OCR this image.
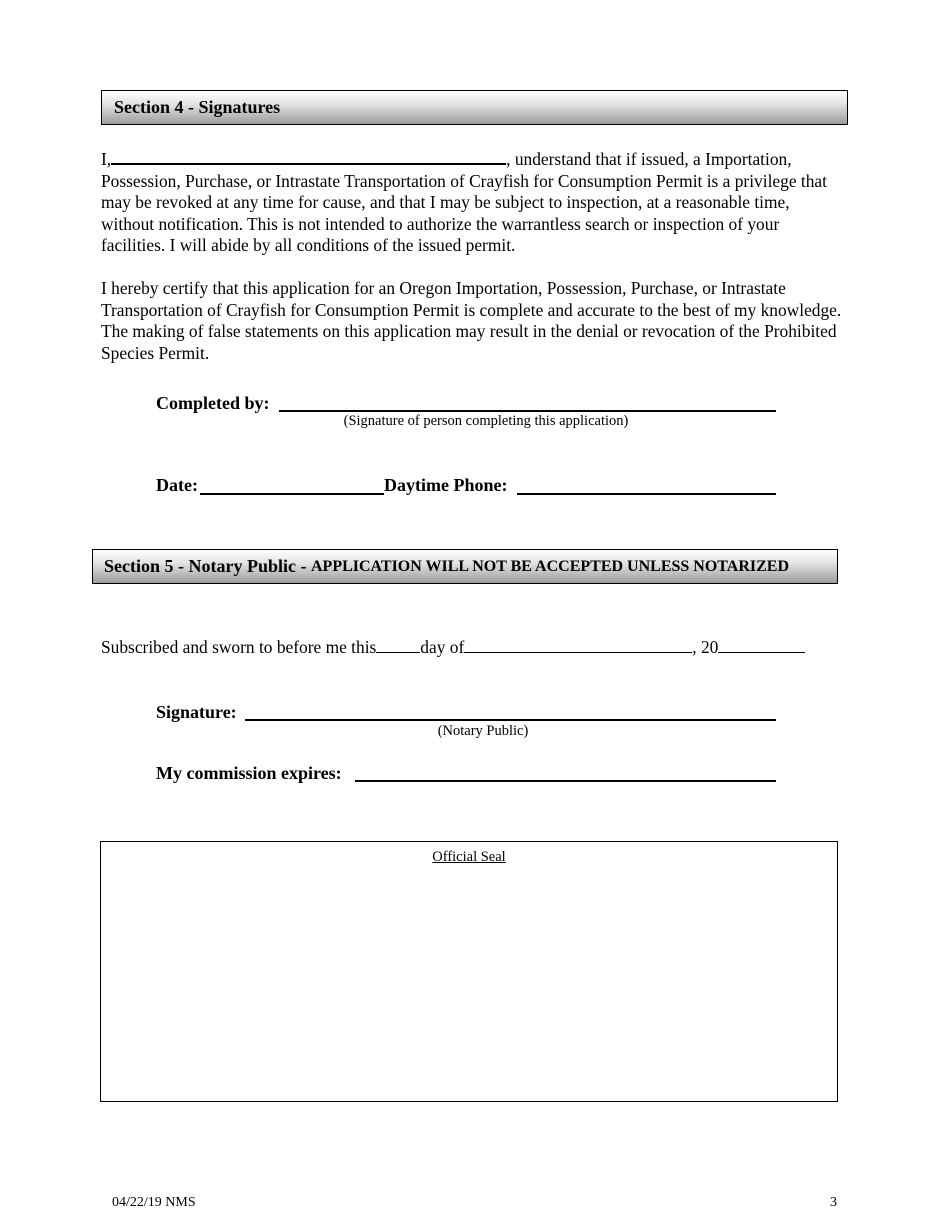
Section 4 - Signatures
I,	, understand that if issued, a Importation, Possession, Purchase, or Intrastate Transportation of Crayfish for Consumption Permit is a privilege that may be revoked at any time for cause, and that I may be subject to inspection, at a reasonable time, without notification. This is not intended to authorize the warrantless search or inspection of your facilities. I will abide by all conditions of the issued permit.
I hereby certify that this application for an Oregon Importation, Possession, Purchase, or Intrastate Transportation of Crayfish for Consumption Permit is complete and accurate to the best of my knowledge. The making of false statements on this application may result in the denial or revocation of the Prohibited Species Permit.
Completed by:
(Signature of person completing this application)
Date:	Daytime Phone:
Section 5 - Notary Public - APPLICATION WILL NOT BE ACCEPTED UNLESS NOTARIZED
Subscribed and sworn to before me this	day of	, 20
Signature:
(Notary Public)
My commission expires:
Official Seal
04/22/19 NMS	3
